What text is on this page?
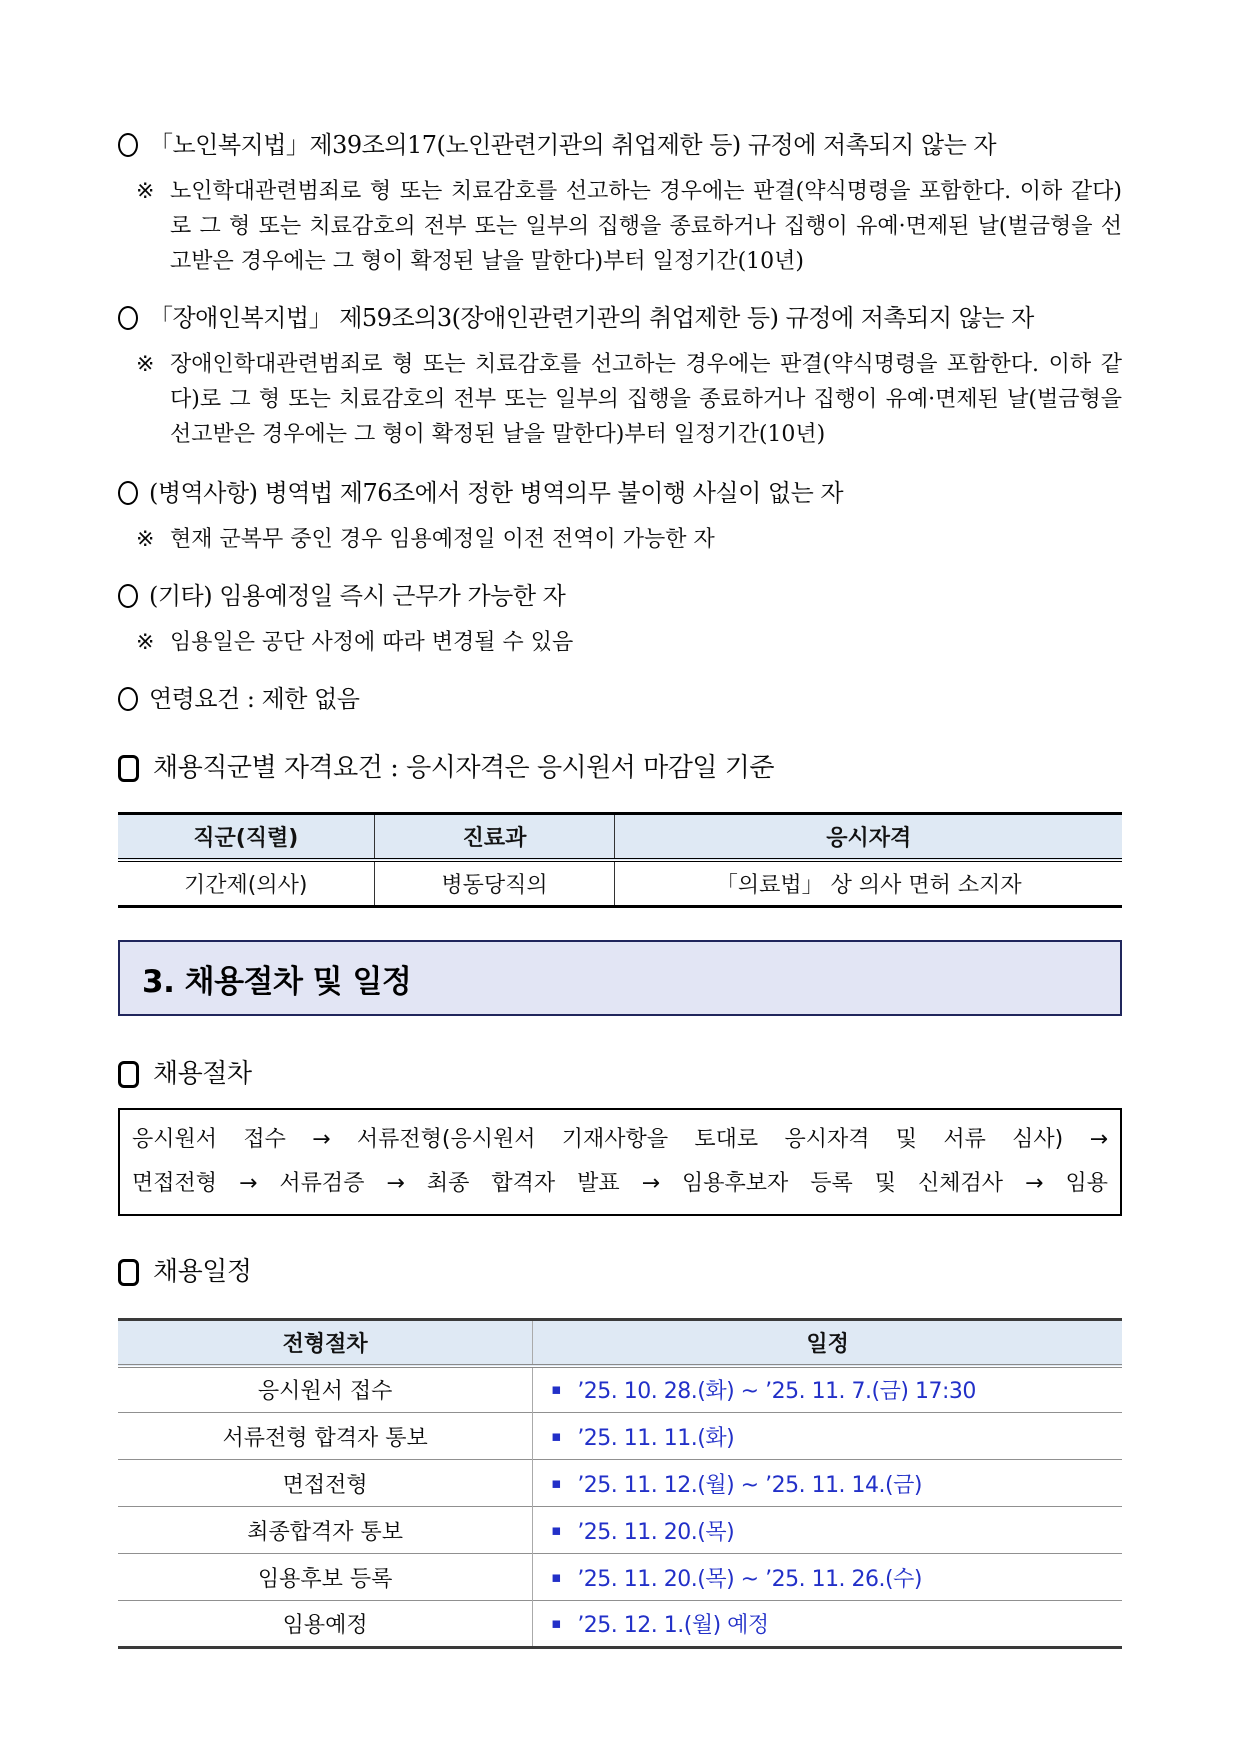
「노인복지법」제39조의17(노인관련기관의 취업제한 등) 규정에 저촉되지 않는 자
※ 노인학대관련범죄로 형 또는 치료감호를 선고하는 경우에는 판결(약식명령을 포함한다. 이하 같다)로 그 형 또는 치료감호의 전부 또는 일부의 집행을 종료하거나 집행이 유예·면제된 날(벌금형을 선고받은 경우에는 그 형이 확정된 날을 말한다)부터 일정기간(10년)
「장애인복지법」 제59조의3(장애인관련기관의 취업제한 등) 규정에 저촉되지 않는 자
※ 장애인학대관련범죄로 형 또는 치료감호를 선고하는 경우에는 판결(약식명령을 포함한다. 이하 같다)로 그 형 또는 치료감호의 전부 또는 일부의 집행을 종료하거나 집행이 유예·면제된 날(벌금형을 선고받은 경우에는 그 형이 확정된 날을 말한다)부터 일정기간(10년)
(병역사항) 병역법 제76조에서 정한 병역의무 불이행 사실이 없는 자
※ 현재 군복무 중인 경우 임용예정일 이전 전역이 가능한 자
(기타) 임용예정일 즉시 근무가 가능한 자
※ 임용일은 공단 사정에 따라 변경될 수 있음
연령요건 : 제한 없음
채용직군별 자격요건 : 응시자격은 응시원서 마감일 기준
직군(직렬)	진료과	응시자격
기간제(의사)	병동당직의	「의료법」 상 의사 면허 소지자
3. 채용절차 및 일정
채용절차
응시원서 접수 → 서류전형(응시원서 기재사항을 토대로 응시자격 및 서류 심사) →
면접전형 → 서류검증 → 최종 합격자 발표 → 임용후보자 등록 및 신체검사 → 임용
채용일정
전형절차	일정
응시원서 접수	▪ ’25. 10. 28.(화) ~ ’25. 11. 7.(금) 17:30

서류전형 합격자 통보	▪ ’25. 11. 11.(화)

면접전형	▪ ’25. 11. 12.(월) ~ ’25. 11. 14.(금)

최종합격자 통보	▪ ’25. 11. 20.(목)

임용후보 등록	▪ ’25. 11. 20.(목) ~ ’25. 11. 26.(수)

임용예정	▪ ’25. 12. 1.(월) 예정
